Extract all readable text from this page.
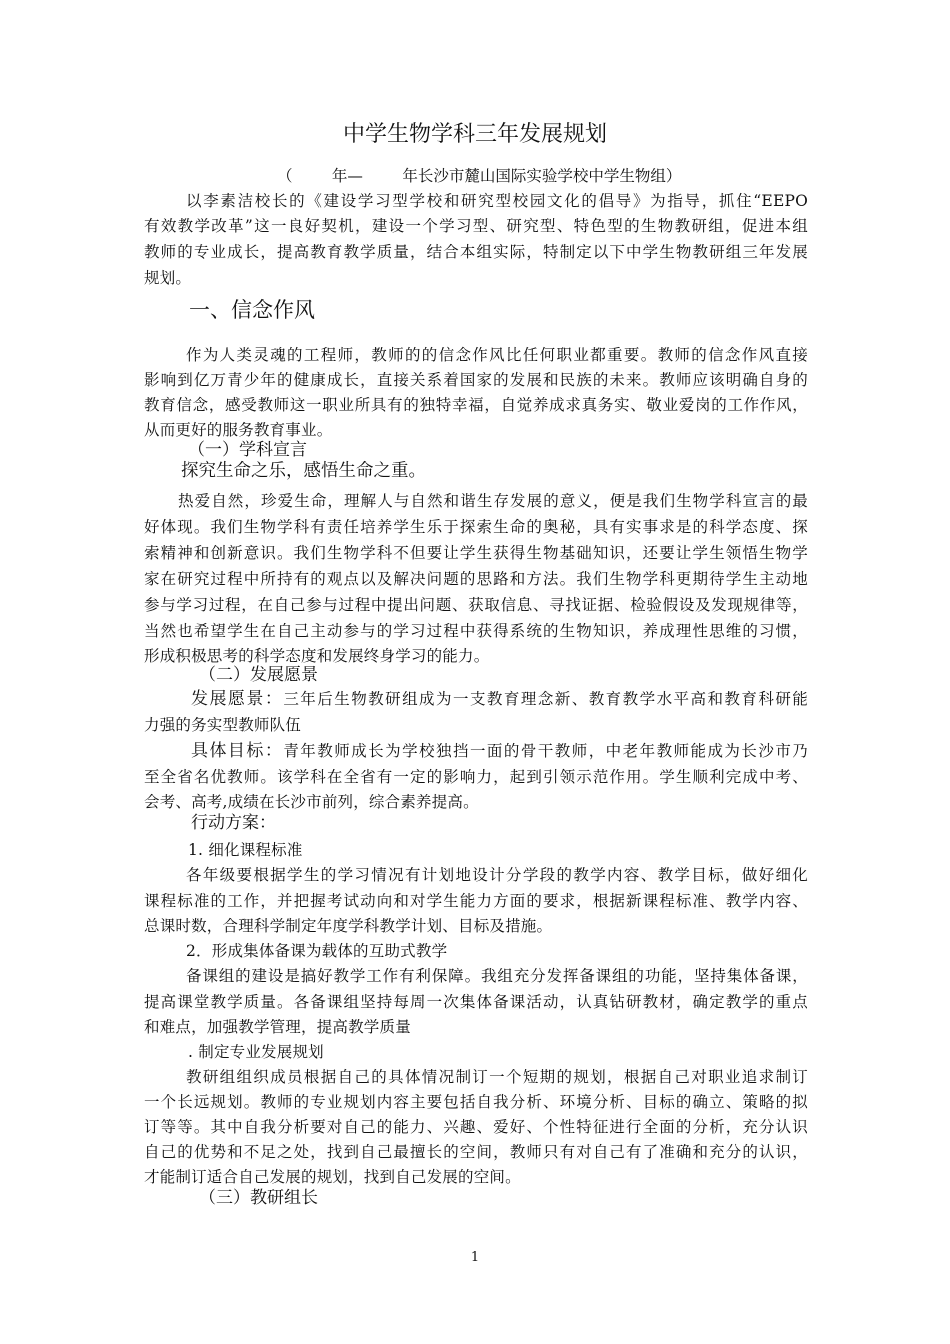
中学生物学科三年发展规划
（        年—        年长沙市麓山国际实验学校中学生物组）
以李素洁校长的《建设学习型学校和研究型校园文化的倡导》为指导，抓住“EEPO
有效教学改革”这一良好契机，建设一个学习型、研究型、特色型的生物教研组，促进本组
教师的专业成长，提高教育教学质量，结合本组实际，特制定以下中学生物教研组三年发展
规划。
一、信念作风
作为人类灵魂的工程师，教师的的信念作风比任何职业都重要。教师的信念作风直接
影响到亿万青少年的健康成长，直接关系着国家的发展和民族的未来。教师应该明确自身的
教育信念，感受教师这一职业所具有的独特幸福，自觉养成求真务实、敬业爱岗的工作作风，
从而更好的服务教育事业。
（一）学科宣言
探究生命之乐，感悟生命之重。
热爱自然，珍爱生命，理解人与自然和谐生存发展的意义，便是我们生物学科宣言的最
好体现。我们生物学科有责任培养学生乐于探索生命的奥秘，具有实事求是的科学态度、探
索精神和创新意识。我们生物学科不但要让学生获得生物基础知识，还要让学生领悟生物学
家在研究过程中所持有的观点以及解决问题的思路和方法。我们生物学科更期待学生主动地
参与学习过程，在自己参与过程中提出问题、获取信息、寻找证据、检验假设及发现规律等，
当然也希望学生在自己主动参与的学习过程中获得系统的生物知识，养成理性思维的习惯，
形成积极思考的科学态度和发展终身学习的能力。
（二）发展愿景
发展愿景：三年后生物教研组成为一支教育理念新、教育教学水平高和教育科研能
力强的务实型教师队伍
具体目标：青年教师成长为学校独挡一面的骨干教师，中老年教师能成为长沙市乃
至全省名优教师。该学科在全省有一定的影响力，起到引领示范作用。学生顺利完成中考、
会考、高考,成绩在长沙市前列，综合素养提高。
行动方案：
1. 细化课程标准
各年级要根据学生的学习情况有计划地设计分学段的教学内容、教学目标，做好细化
课程标准的工作，并把握考试动向和对学生能力方面的要求，根据新课程标准、教学内容、
总课时数，合理科学制定年度学科教学计划、目标及措施。
2．形成集体备课为载体的互助式教学
备课组的建设是搞好教学工作有利保障。我组充分发挥备课组的功能，坚持集体备课，
提高课堂教学质量。各备课组坚持每周一次集体备课活动，认真钻研教材，确定教学的重点
和难点，加强教学管理，提高教学质量
. 制定专业发展规划
教研组组织成员根据自己的具体情况制订一个短期的规划，根据自己对职业追求制订
一个长远规划。教师的专业规划内容主要包括自我分析、环境分析、目标的确立、策略的拟
订等等。其中自我分析要对自己的能力、兴趣、爱好、个性特征进行全面的分析，充分认识
自己的优势和不足之处，找到自己最擅长的空间，教师只有对自己有了准确和充分的认识，
才能制订适合自己发展的规划，找到自己发展的空间。
（三）教研组长
1
